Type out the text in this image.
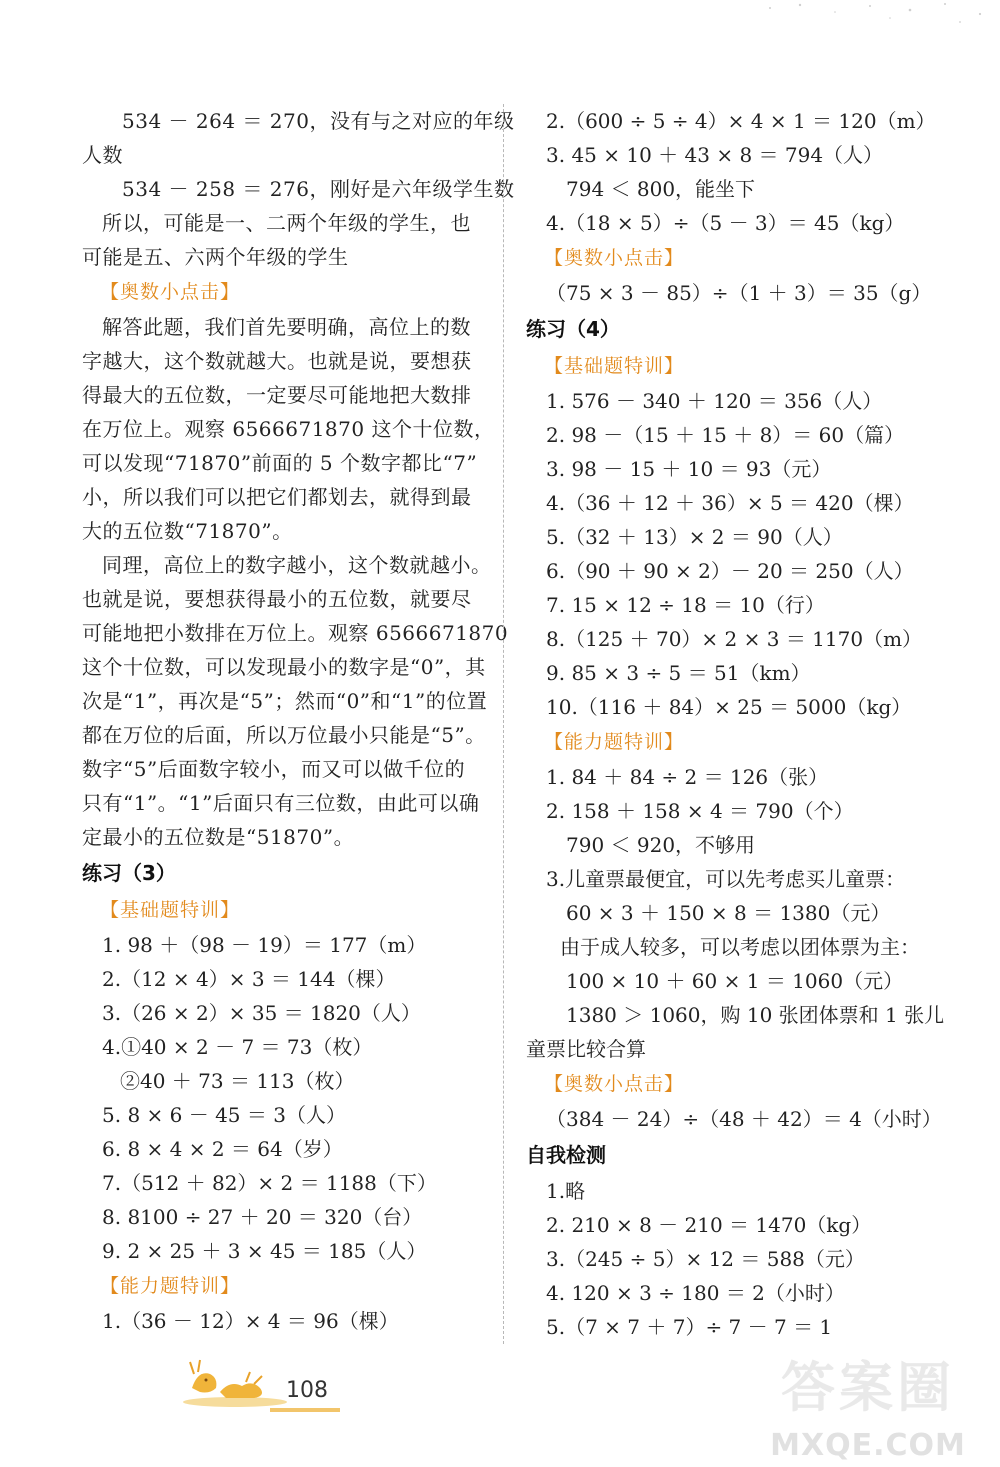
534 － 264 ＝ 270，没有与之对应的年级
人数
534 － 258 ＝ 276，刚好是六年级学生数
所以，可能是一、二两个年级的学生，也
可能是五、六两个年级的学生
【奥数小点击】
解答此题，我们首先要明确，高位上的数
字越大，这个数就越大。也就是说，要想获
得最大的五位数，一定要尽可能地把大数排
在万位上。观察 6566671870 这个十位数，
可以发现“71870”前面的 5 个数字都比“7”
小，所以我们可以把它们都划去，就得到最
大的五位数“71870”。
同理，高位上的数字越小，这个数就越小。
也就是说，要想获得最小的五位数，就要尽
可能地把小数排在万位上。观察 6566671870
这个十位数，可以发现最小的数字是“0”，其
次是“1”，再次是“5”；然而“0”和“1”的位置
都在万位的后面，所以万位最小只能是“5”。
数字“5”后面数字较小，而又可以做千位的
只有“1”。“1”后面只有三位数，由此可以确
定最小的五位数是“51870”。
练习（3）
【基础题特训】
1. 98 ＋（98 － 19）＝ 177（m）
2.（12 × 4）× 3 ＝ 144（棵）
3.（26 × 2）× 35 ＝ 1820（人）
4.①40 × 2 － 7 ＝ 73（枚）
②40 ＋ 73 ＝ 113（枚）
5. 8 × 6 － 45 ＝ 3（人）
6. 8 × 4 × 2 ＝ 64（岁）
7.（512 ＋ 82）× 2 ＝ 1188（下）
8. 8100 ÷ 27 ＋ 20 ＝ 320（台）
9. 2 × 25 ＋ 3 × 45 ＝ 185（人）
【能力题特训】
1.（36 － 12）× 4 ＝ 96（棵）
2.（600 ÷ 5 ÷ 4）× 4 × 1 ＝ 120（m）
3. 45 × 10 ＋ 43 × 8 ＝ 794（人）
794 ＜ 800，能坐下
4.（18 × 5）÷（5 － 3）＝ 45（kg）
【奥数小点击】
（75 × 3 － 85）÷（1 ＋ 3）＝ 35（g）
练习（4）
【基础题特训】
1. 576 － 340 ＋ 120 ＝ 356（人）
2. 98 －（15 ＋ 15 ＋ 8）＝ 60（篇）
3. 98 － 15 ＋ 10 ＝ 93（元）
4.（36 ＋ 12 ＋ 36）× 5 ＝ 420（棵）
5.（32 ＋ 13）× 2 ＝ 90（人）
6.（90 ＋ 90 × 2）－ 20 ＝ 250（人）
7. 15 × 12 ÷ 18 ＝ 10（行）
8.（125 ＋ 70）× 2 × 3 ＝ 1170（m）
9. 85 × 3 ÷ 5 ＝ 51（km）
10.（116 ＋ 84）× 25 ＝ 5000（kg）
【能力题特训】
1. 84 ＋ 84 ÷ 2 ＝ 126（张）
2. 158 ＋ 158 × 4 ＝ 790（个）
790 ＜ 920，不够用
3.儿童票最便宜，可以先考虑买儿童票：
60 × 3 ＋ 150 × 8 ＝ 1380（元）
由于成人较多，可以考虑以团体票为主：
100 × 10 ＋ 60 × 1 ＝ 1060（元）
1380 ＞ 1060，购 10 张团体票和 1 张儿
童票比较合算
【奥数小点击】
（384 － 24）÷（48 ＋ 42）＝ 4（小时）
自我检测
1.略
2. 210 × 8 － 210 ＝ 1470（kg）
3.（245 ÷ 5）× 12 ＝ 588（元）
4. 120 × 3 ÷ 180 ＝ 2（小时）
5.（7 × 7 ＋ 7）÷ 7 － 7 ＝ 1
108	答案圈
MXQE.COM
